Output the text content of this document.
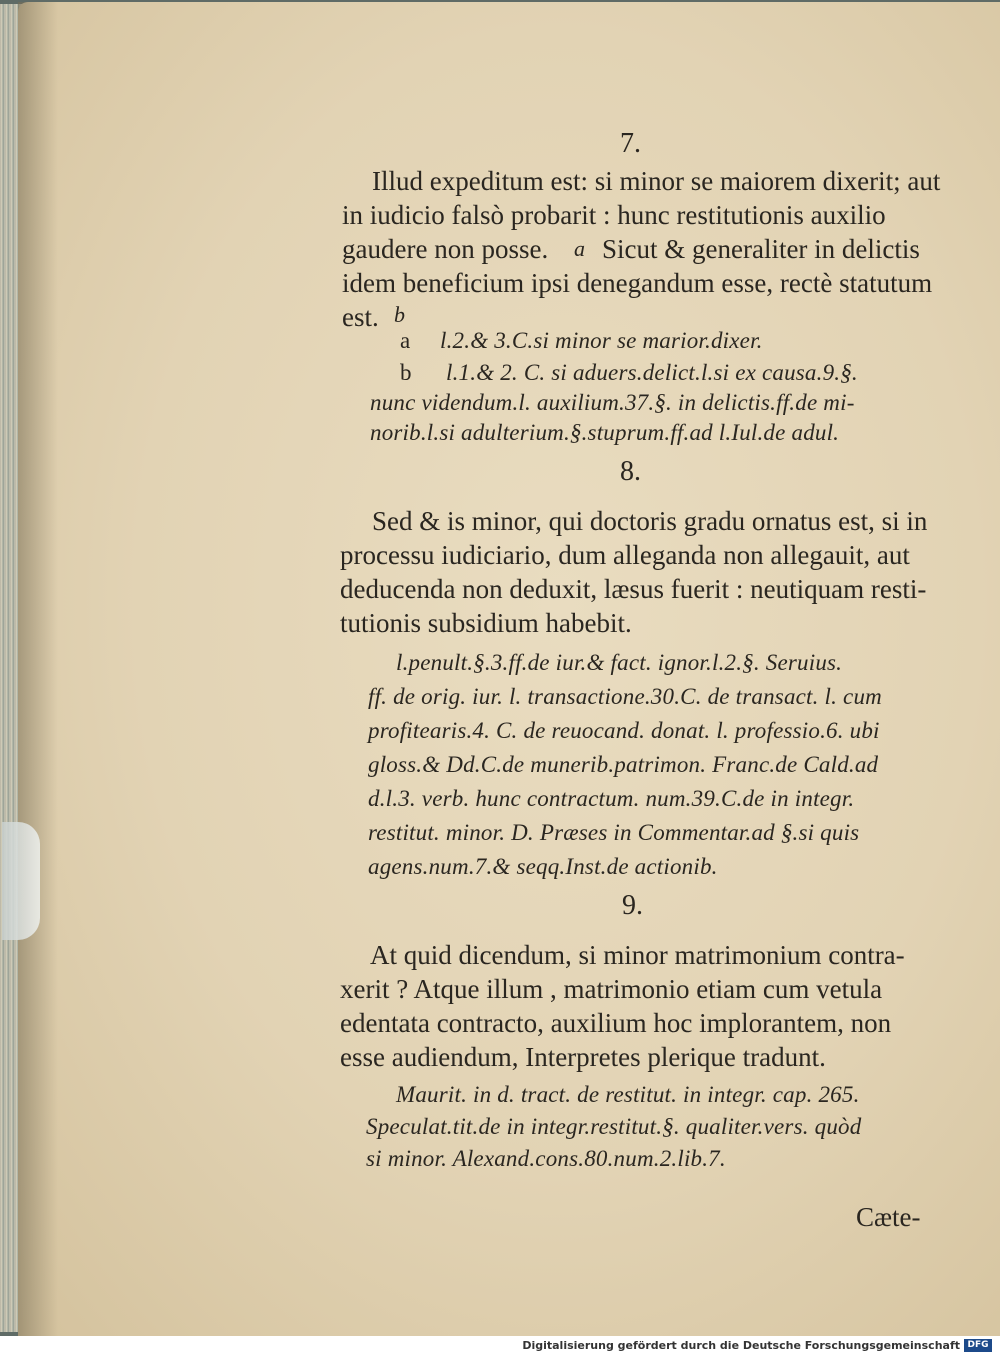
7.
Illud expeditum est: si minor se maiorem dixerit; aut
in iudicio falsò probarit : hunc restitutionis auxilio
gaudere non posse. a Sicut & generaliter in delictis
idem beneficium ipsi denegandum esse, rectè statutum
est. b
a l.2.& 3.C.si minor se marior.dixer.
b l.1.& 2. C. si aduers.delict.l.si ex causa.9.§.
nunc videndum.l. auxilium.37.§. in delictis.ff.de mi-
norib.l.si adulterium.§.stuprum.ff.ad l.Iul.de adul.
8.
Sed & is minor, qui doctoris gradu ornatus est, si in
processu iudiciario, dum alleganda non allegauit, aut
deducenda non deduxit, læsus fuerit : neutiquam resti-
tutionis subsidium habebit.
l.penult.§.3.ff.de iur.& fact. ignor.l.2.§. Seruius.
ff. de orig. iur. l. transactione.30.C. de transact. l. cum
profitearis.4. C. de reuocand. donat. l. professio.6. ubi
gloss.& Dd.C.de munerib.patrimon. Franc.de Cald.ad
d.l.3. verb. hunc contractum. num.39.C.de in integr.
restitut. minor. D. Præses in Commentar.ad §.si quis
agens.num.7.& seqq.Inst.de actionib.
9.
At quid dicendum, si minor matrimonium contra-
xerit ? Atque illum , matrimonio etiam cum vetula
edentata contracto, auxilium hoc implorantem, non
esse audiendum, Interpretes plerique tradunt.
Maurit. in d. tract. de restitut. in integr. cap. 265.
Speculat.tit.de in integr.restitut.§. qualiter.vers. quòd
si minor. Alexand.cons.80.num.2.lib.7.
Cæte-
Digitalisierung gefördert durch die Deutsche Forschungsgemeinschaft DFG
